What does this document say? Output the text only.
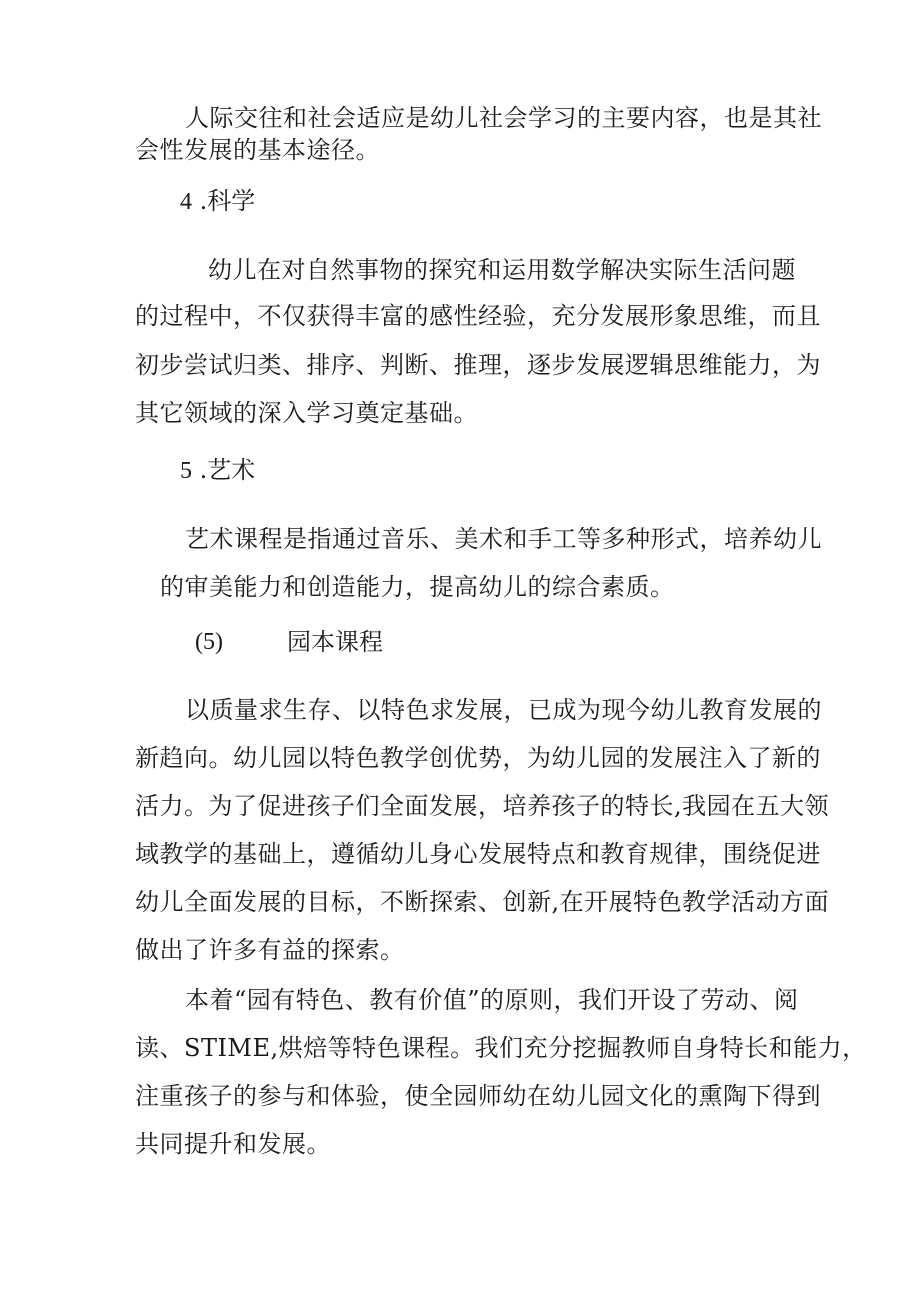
人际交往和社会适应是幼儿社会学习的主要内容，也是其社
会性发展的基本途径。
4 .科学
幼儿在对自然事物的探究和运用数学解决实际生活问题
的过程中，不仅获得丰富的感性经验，充分发展形象思维，而且
初步尝试归类、排序、判断、推理，逐步发展逻辑思维能力，为
其它领域的深入学习奠定基础。
5 .艺术
艺术课程是指通过音乐、美术和手工等多种形式，培养幼儿
的审美能力和创造能力，提高幼儿的综合素质。
(5)	园本课程
以质量求生存、以特色求发展，已成为现今幼儿教育发展的
新趋向。幼儿园以特色教学创优势，为幼儿园的发展注入了新的
活力。为了促进孩子们全面发展，培养孩子的特长,我园在五大领
域教学的基础上，遵循幼儿身心发展特点和教育规律，围绕促进
幼儿全面发展的目标，不断探索、创新,在开展特色教学活动方面
做出了许多有益的探索。
本着“园有特色、教有价值”的原则，我们开设了劳动、阅
读、STIME,烘焙等特色课程。我们充分挖掘教师自身特长和能力，
注重孩子的参与和体验，使全园师幼在幼儿园文化的熏陶下得到
共同提升和发展。
